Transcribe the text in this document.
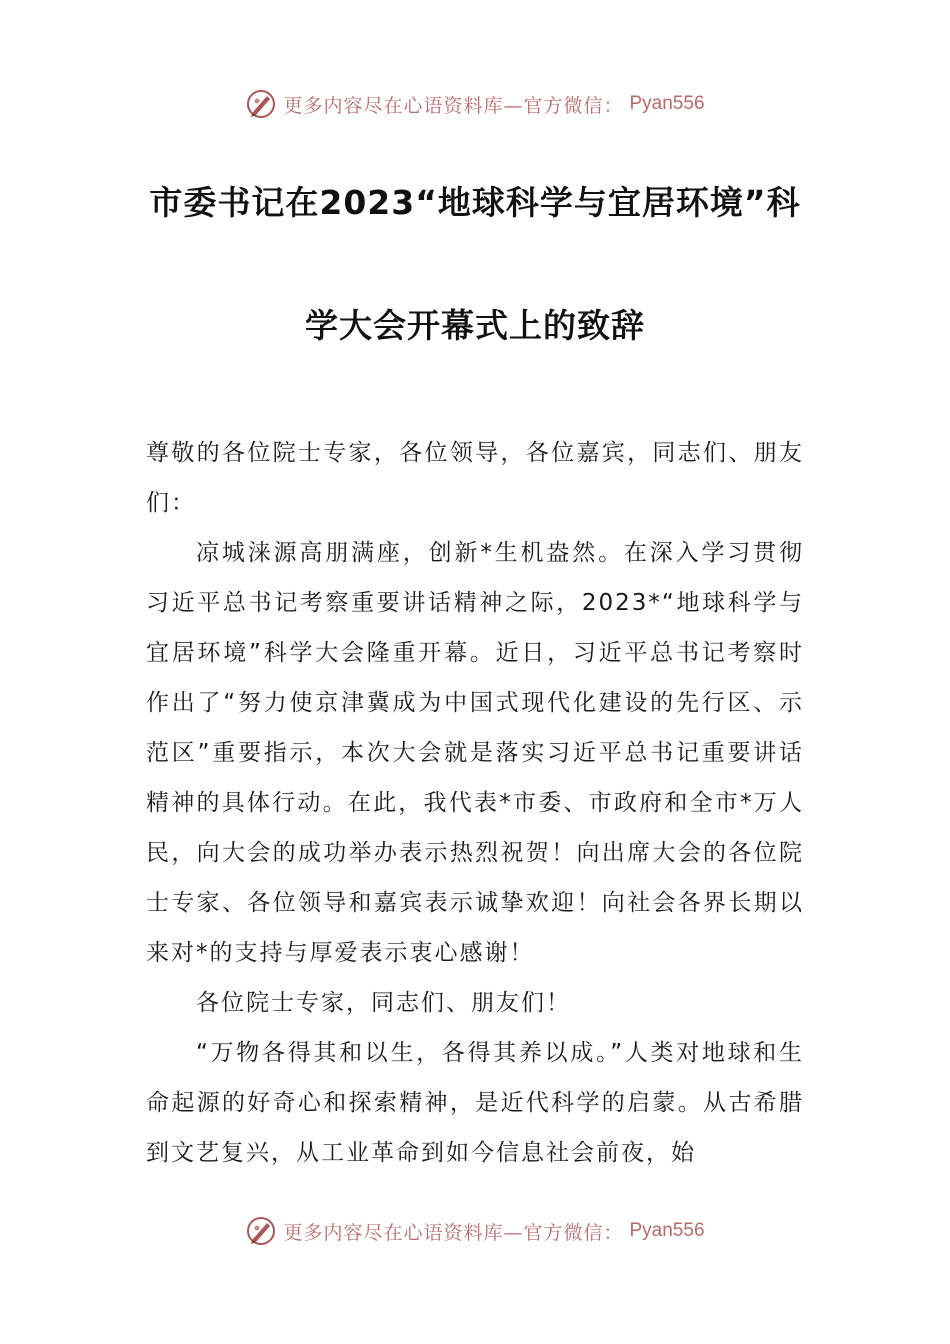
更多内容尽在心语资料库—官方微信： Pyan556
市委书记在2023“地球科学与宜居环境”科
学大会开幕式上的致辞

尊敬的各位院士专家，各位领导，各位嘉宾，同志们、朋友们：

凉城涞源高朋满座，创新*生机盎然。在深入学习贯彻习近平总书记考察重要讲话精神之际，2023*“地球科学与宜居环境”科学大会隆重开幕。近日，习近平总书记考察时作出了“努力使京津冀成为中国式现代化建设的先行区、示范区”重要指示，本次大会就是落实习近平总书记重要讲话精神的具体行动。在此，我代表*市委、市政府和全市*万人民，向大会的成功举办表示热烈祝贺！向出席大会的各位院士专家、各位领导和嘉宾表示诚挚欢迎！向社会各界长期以来对*的支持与厚爱表示衷心感谢！

各位院士专家，同志们、朋友们！

“万物各得其和以生，各得其养以成。”人类对地球和生命起源的好奇心和探索精神，是近代科学的启蒙。从古希腊到文艺复兴，从工业革命到如今信息社会前夜，始

更多内容尽在心语资料库—官方微信： Pyan556
